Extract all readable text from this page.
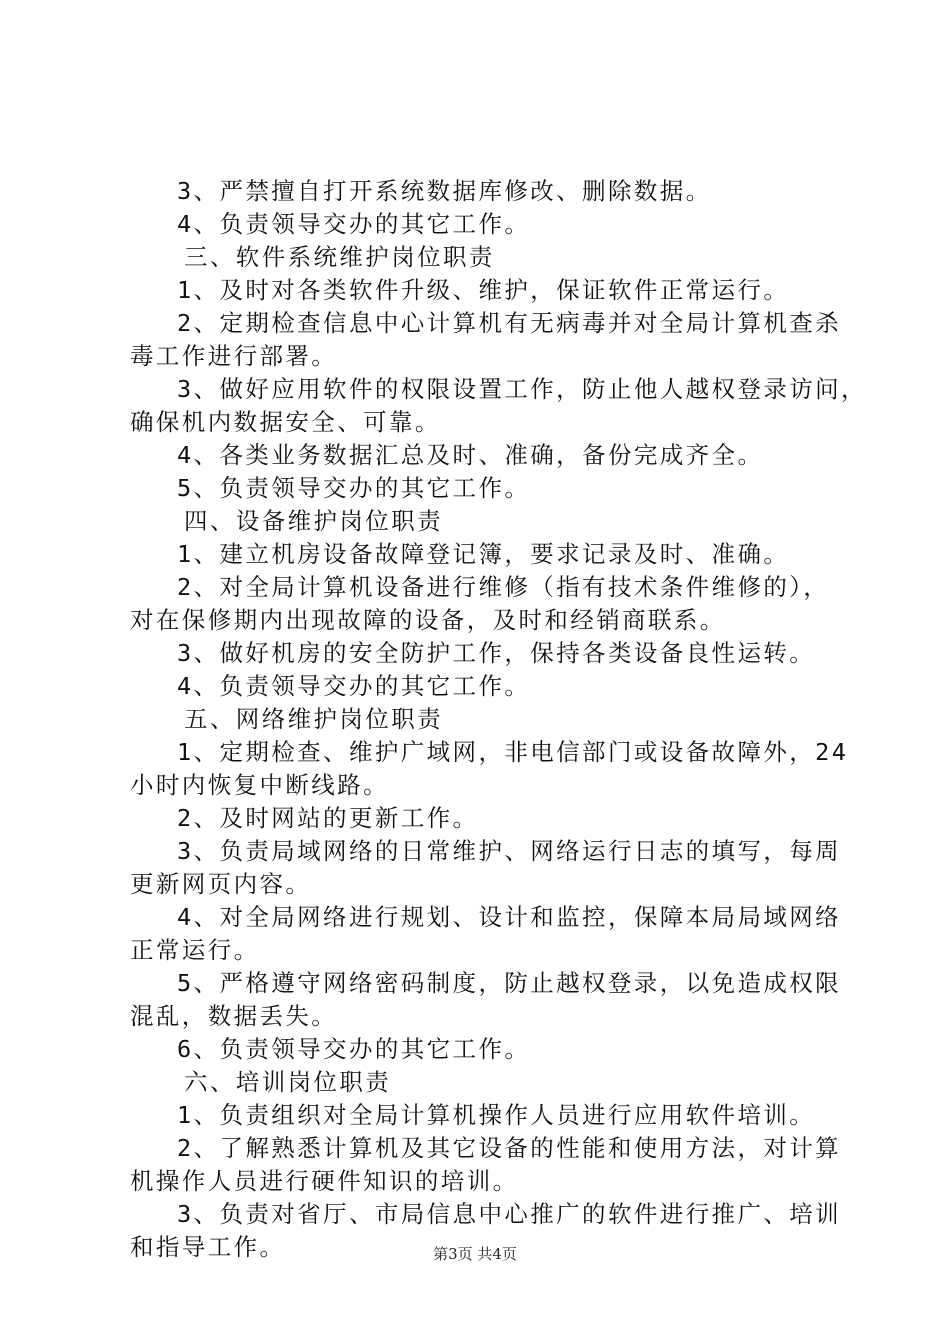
3、严禁擅自打开系统数据库修改、删除数据。
4、负责领导交办的其它工作。
三、软件系统维护岗位职责
1、及时对各类软件升级、维护，保证软件正常运行。
2、定期检查信息中心计算机有无病毒并对全局计算机查杀
毒工作进行部署。
3、做好应用软件的权限设置工作，防止他人越权登录访问，
确保机内数据安全、可靠。
4、各类业务数据汇总及时、准确，备份完成齐全。
5、负责领导交办的其它工作。
四、设备维护岗位职责
1、建立机房设备故障登记簿，要求记录及时、准确。
2、对全局计算机设备进行维修（指有技术条件维修的），
对在保修期内出现故障的设备，及时和经销商联系。
3、做好机房的安全防护工作，保持各类设备良性运转。
4、负责领导交办的其它工作。
五、网络维护岗位职责
1、定期检查、维护广域网，非电信部门或设备故障外，24
小时内恢复中断线路。
2、及时网站的更新工作。
3、负责局域网络的日常维护、网络运行日志的填写，每周
更新网页内容。
4、对全局网络进行规划、设计和监控，保障本局局域网络
正常运行。
5、严格遵守网络密码制度，防止越权登录，以免造成权限
混乱，数据丢失。
6、负责领导交办的其它工作。
六、培训岗位职责
1、负责组织对全局计算机操作人员进行应用软件培训。
2、了解熟悉计算机及其它设备的性能和使用方法，对计算
机操作人员进行硬件知识的培训。
3、负责对省厅、市局信息中心推广的软件进行推广、培训
和指导工作。	第3页 共4页
